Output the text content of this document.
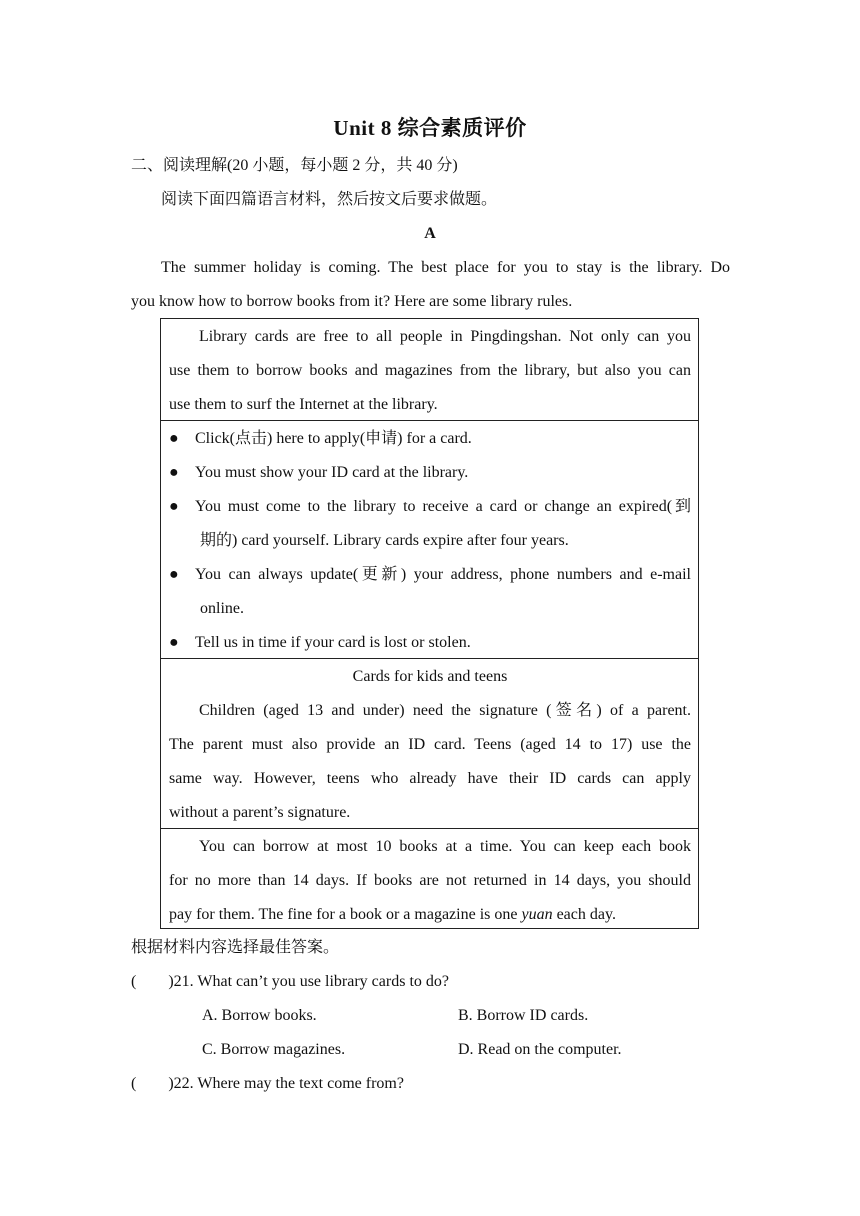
Unit 8 综合素质评价
二、阅读理解(20 小题，每小题 2 分，共 40 分)
阅读下面四篇语言材料，然后按文后要求做题。
A
The summer holiday is coming. The best place for you to stay is the library. Do
you know how to borrow books from it? Here are some library rules.
Library cards are free to all people in Pingdingshan. Not only can you
use them to borrow books and magazines from the library, but also you can
use them to surf the Internet at the library.
● Click(点击) here to apply(申请) for a card.
● You must show your ID card at the library.
● You must come to the library to receive a card or change an expired(到
期的) card yourself. Library cards expire after four years.
● You can always update(更新) your address, phone numbers and e-mail
online.
● Tell us in time if your card is lost or stolen.
Cards for kids and teens
Children (aged 13 and under) need the signature (签名) of a parent.
The parent must also provide an ID card. Teens (aged 14 to 17) use the
same way. However, teens who already have their ID cards can apply
without a parent’s signature.
You can borrow at most 10 books at a time. You can keep each book
for no more than 14 days. If books are not returned in 14 days, you should
pay for them. The fine for a book or a magazine is one yuan each day.
根据材料内容选择最佳答案。
(　　)21. What can’t you use library cards to do?
A. Borrow books.	B. Borrow ID cards.
C. Borrow magazines.	D. Read on the computer.
(　　)22. Where may the text come from?
